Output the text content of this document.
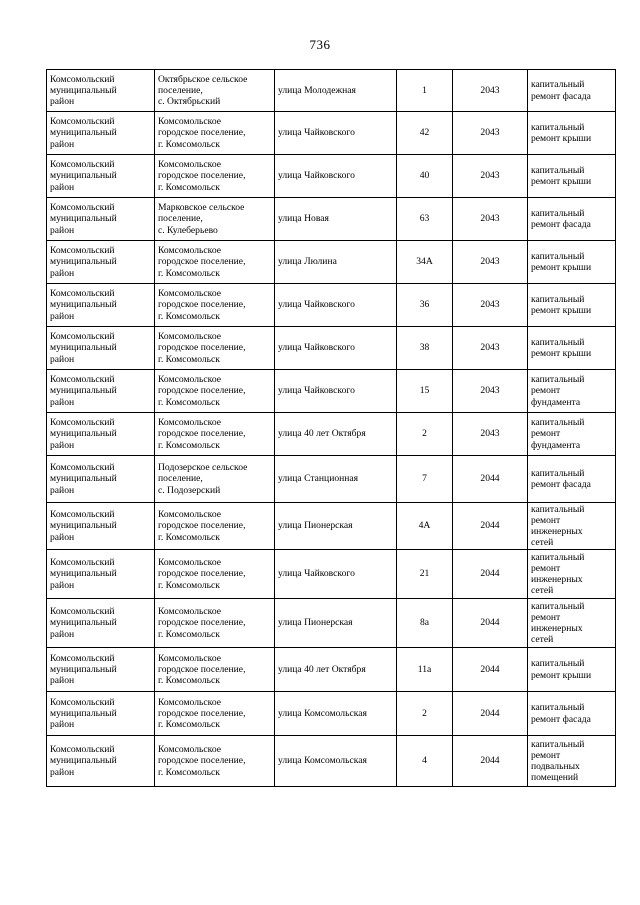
736
Комсомольский
муниципальный
район	Октябрьское сельское
поселение,
с. Октябрьский	улица Молодежная	1	2043	капитальный
ремонт фасада

Комсомольский
муниципальный
район	Комсомольское
городское поселение,
г. Комсомольск	улица Чайковского	42	2043	капитальный
ремонт крыши

Комсомольский
муниципальный
район	Комсомольское
городское поселение,
г. Комсомольск	улица Чайковского	40	2043	капитальный
ремонт крыши

Комсомольский
муниципальный
район	Марковское сельское
поселение,
с. Кулеберьево	улица Новая	63	2043	капитальный
ремонт фасада

Комсомольский
муниципальный
район	Комсомольское
городское поселение,
г. Комсомольск	улица Люлина	34А	2043	капитальный
ремонт крыши

Комсомольский
муниципальный
район	Комсомольское
городское поселение,
г. Комсомольск	улица Чайковского	36	2043	капитальный
ремонт крыши

Комсомольский
муниципальный
район	Комсомольское
городское поселение,
г. Комсомольск	улица Чайковского	38	2043	капитальный
ремонт крыши

Комсомольский
муниципальный
район	Комсомольское
городское поселение,
г. Комсомольск	улица Чайковского	15	2043	капитальный
ремонт
фундамента

Комсомольский
муниципальный
район	Комсомольское
городское поселение,
г. Комсомольск	улица 40 лет Октября	2	2043	капитальный
ремонт
фундамента

Комсомольский
муниципальный
район	Подозерское сельское
поселение,
с. Подозерский	улица Станционная	7	2044	капитальный
ремонт фасада

Комсомольский
муниципальный
район	Комсомольское
городское поселение,
г. Комсомольск	улица Пионерская	4А	2044	капитальный
ремонт
инженерных
сетей

Комсомольский
муниципальный
район	Комсомольское
городское поселение,
г. Комсомольск	улица Чайковского	21	2044	капитальный
ремонт
инженерных
сетей

Комсомольский
муниципальный
район	Комсомольское
городское поселение,
г. Комсомольск	улица Пионерская	8а	2044	капитальный
ремонт
инженерных
сетей

Комсомольский
муниципальный
район	Комсомольское
городское поселение,
г. Комсомольск	улица 40 лет Октября	11а	2044	капитальный
ремонт крыши

Комсомольский
муниципальный
район	Комсомольское
городское поселение,
г. Комсомольск	улица Комсомольская	2	2044	капитальный
ремонт фасада

Комсомольский
муниципальный
район	Комсомольское
городское поселение,
г. Комсомольск	улица Комсомольская	4	2044	капитальный
ремонт
подвальных
помещений
